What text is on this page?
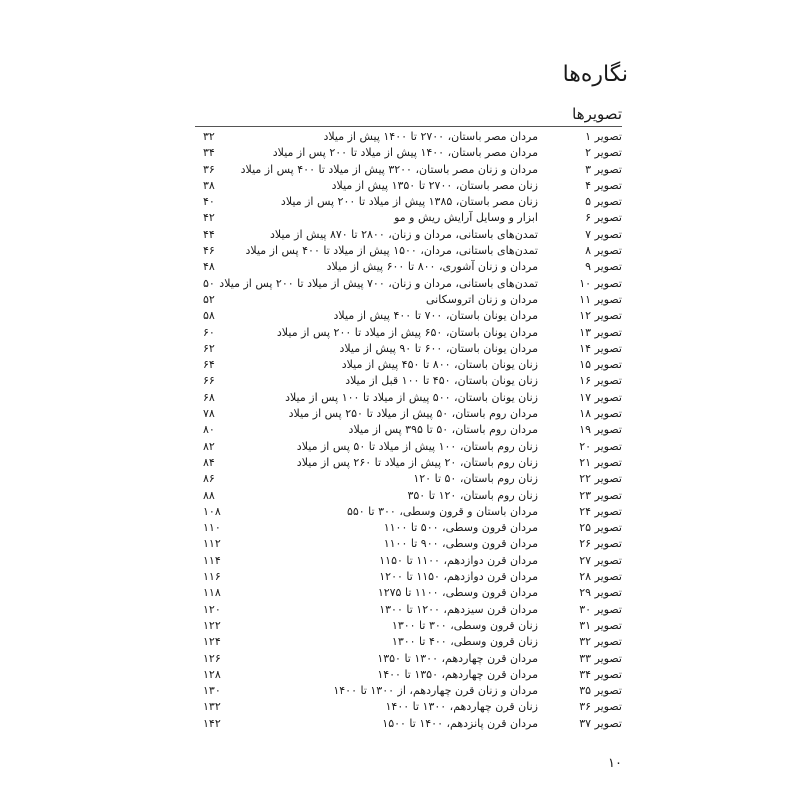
نگاره‌ها
تصویرها
تصویر ۱
مردان مصر باستان، ۲۷۰۰ تا ۱۴۰۰ پیش از میلاد
۳۲
تصویر ۲
مردان مصر باستان، ۱۴۰۰ پیش از میلاد تا ۲۰۰ پس از میلاد
۳۴
تصویر ۳
مردان و زنان مصر باستان، ۳۲۰۰ پیش از میلاد تا ۴۰۰ پس از میلاد
۳۶
تصویر ۴
زنان مصر باستان، ۲۷۰۰ تا ۱۳۵۰ پیش از میلاد
۳۸
تصویر ۵
زنان مصر باستان، ۱۳۸۵ پیش از میلاد تا ۲۰۰ پس از میلاد
۴۰
تصویر ۶
ابزار و وسایل آرایش ریش و مو
۴۲
تصویر ۷
تمدن‌های باستانی، مردان و زنان، ۲۸۰۰ تا ۸۷۰ پیش از میلاد
۴۴
تصویر ۸
تمدن‌های باستانی، مردان، ۱۵۰۰ پیش از میلاد تا ۴۰۰ پس از میلاد
۴۶
تصویر ۹
مردان و زنان آشوری، ۸۰۰ تا ۶۰۰ پیش از میلاد
۴۸
تصویر ۱۰
تمدن‌های باستانی، مردان و زنان، ۷۰۰ پیش از میلاد تا ۲۰۰ پس از میلاد
۵۰
تصویر ۱۱
مردان و زنان اتروسکانی
۵۲
تصویر ۱۲
مردان یونان باستان، ۷۰۰ تا ۴۰۰ پیش از میلاد
۵۸
تصویر ۱۳
مردان یونان باستان، ۶۵۰ پیش از میلاد تا ۲۰۰ پس از میلاد
۶۰
تصویر ۱۴
مردان یونان باستان، ۶۰۰ تا ۹۰ پیش از میلاد
۶۲
تصویر ۱۵
زنان یونان باستان، ۸۰۰ تا ۴۵۰ پیش از میلاد
۶۴
تصویر ۱۶
زنان یونان باستان، ۴۵۰ تا ۱۰۰ قبل از میلاد
۶۶
تصویر ۱۷
زنان یونان باستان، ۵۰۰ پیش از میلاد تا ۱۰۰ پس از میلاد
۶۸
تصویر ۱۸
مردان روم باستان، ۵۰ پیش از میلاد تا ۲۵۰ پس از میلاد
۷۸
تصویر ۱۹
مردان روم باستان، ۵۰ تا ۳۹۵ پس از میلاد
۸۰
تصویر ۲۰
زنان روم باستان، ۱۰۰ پیش از میلاد تا ۵۰ پس از میلاد
۸۲
تصویر ۲۱
زنان روم باستان، ۲۰ پیش از میلاد تا ۲۶۰ پس از میلاد
۸۴
تصویر ۲۲
زنان روم باستان، ۵۰ تا ۱۲۰
۸۶
تصویر ۲۳
زنان روم باستان، ۱۲۰ تا ۳۵۰
۸۸
تصویر ۲۴
مردان باستان و قرون وسطی، ۳۰۰ تا ۵۵۰
۱۰۸
تصویر ۲۵
مردان قرون وسطی، ۵۰۰ تا ۱۱۰۰
۱۱۰
تصویر ۲۶
مردان قرون وسطی، ۹۰۰ تا ۱۱۰۰
۱۱۲
تصویر ۲۷
مردان قرن دوازدهم، ۱۱۰۰ تا ۱۱۵۰
۱۱۴
تصویر ۲۸
مردان قرن دوازدهم، ۱۱۵۰ تا ۱۲۰۰
۱۱۶
تصویر ۲۹
مردان قرون وسطی، ۱۱۰۰ تا ۱۲۷۵
۱۱۸
تصویر ۳۰
مردان قرن سیزدهم، ۱۲۰۰ تا ۱۳۰۰
۱۲۰
تصویر ۳۱
زنان قرون وسطی، ۳۰۰ تا ۱۳۰۰
۱۲۲
تصویر ۳۲
زنان قرون وسطی، ۴۰۰ تا ۱۳۰۰
۱۲۴
تصویر ۳۳
مردان قرن چهاردهم، ۱۳۰۰ تا ۱۳۵۰
۱۲۶
تصویر ۳۴
مردان قرن چهاردهم، ۱۳۵۰ تا ۱۴۰۰
۱۲۸
تصویر ۳۵
مردان و زنان قرن چهاردهم، از ۱۳۰۰ تا ۱۴۰۰
۱۳۰
تصویر ۳۶
زنان قرن چهاردهم، ۱۳۰۰ تا ۱۴۰۰
۱۳۲
تصویر ۳۷
مردان قرن پانزدهم، ۱۴۰۰ تا ۱۵۰۰
۱۴۲
۱۰
